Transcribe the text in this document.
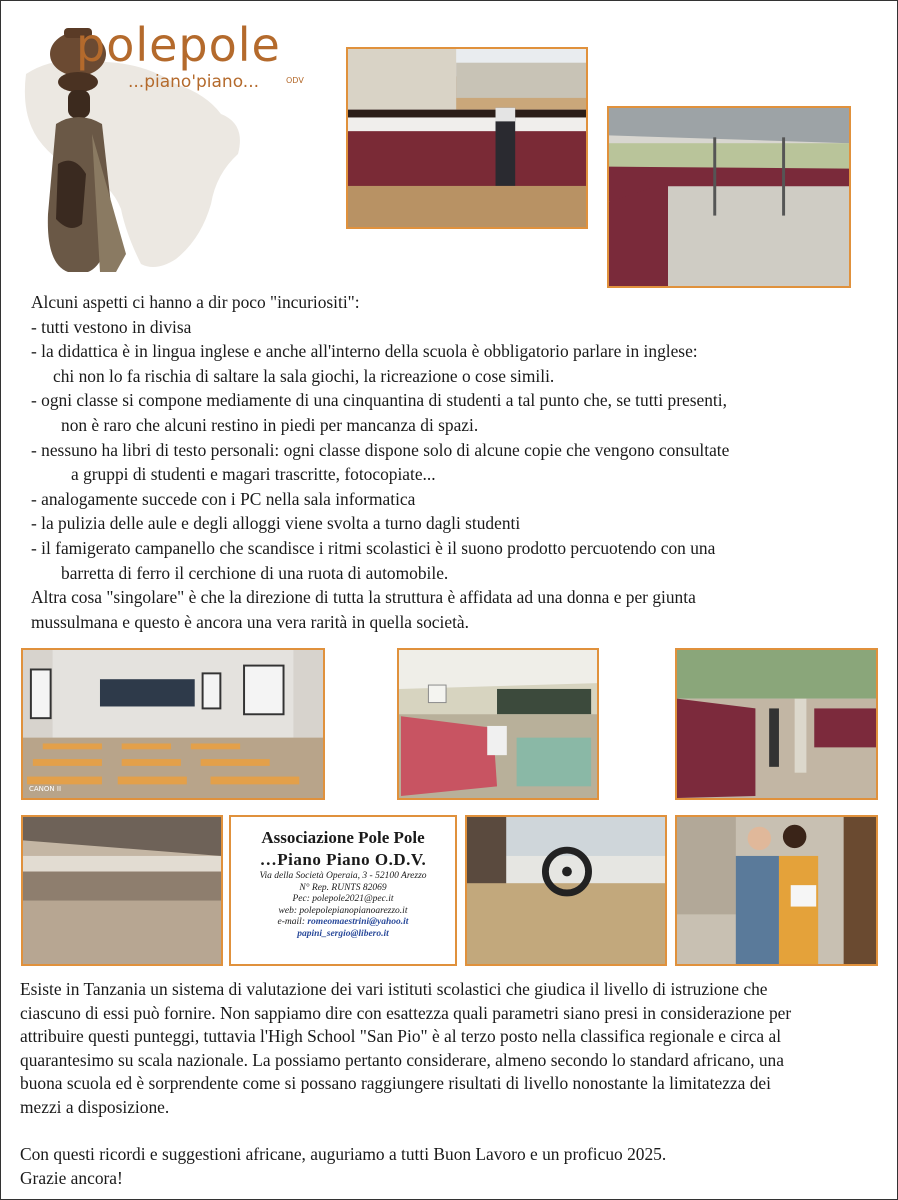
polepole
...piano'piano...	ODV

Alcuni aspetti ci hanno a dir poco "incuriositi":

- tutti vestono in divisa

- la didattica è in lingua inglese e anche all'interno della scuola è obbligatorio parlare in inglese:

chi non lo fa rischia di saltare la sala giochi, la ricreazione o cose simili.

- ogni classe si compone mediamente di una cinquantina di studenti a tal punto che, se tutti presenti,

non è raro che alcuni restino in piedi per mancanza di spazi.

- nessuno ha libri di testo personali: ogni classe dispone solo di alcune copie che vengono consultate

a gruppi di studenti e magari trascritte, fotocopiate...

- analogamente succede con i PC nella sala informatica

- la pulizia delle aule e degli alloggi viene svolta a turno dagli studenti

- il famigerato campanello che scandisce i ritmi scolastici è il suono prodotto percuotendo con una

barretta di ferro il cerchione di una ruota di automobile.

Altra cosa "singolare" è che la direzione di tutta la struttura è affidata ad una donna e per giunta

mussulmana e questo è ancora una vera rarità in quella società.

CANON II
Associazione Pole Pole
…Piano Piano O.D.V.
Via della Società Operaia, 3 - 52100 Arezzo
N° Rep. RUNTS 82069
Pec: polepole2021@pec.it
web: polepolepianopianoarezzo.it
e-mail: romeomaestrini@yahoo.it
papini_sergio@libero.it

Esiste in Tanzania un sistema di valutazione dei vari istituti scolastici che giudica il livello di istruzione che

ciascuno di essi può fornire. Non sappiamo dire con esattezza quali parametri siano presi in considerazione per

attribuire questi punteggi, tuttavia l'High School "San Pio" è al terzo posto nella classifica regionale e circa al

quarantesimo su scala nazionale. La possiamo pertanto considerare, almeno secondo lo standard africano, una

buona scuola ed è sorprendente come si possano raggiungere risultati di livello nonostante la limitatezza dei

mezzi a disposizione.

Con questi ricordi e suggestioni africane, auguriamo a tutti Buon Lavoro e un proficuo 2025.

Grazie ancora!
